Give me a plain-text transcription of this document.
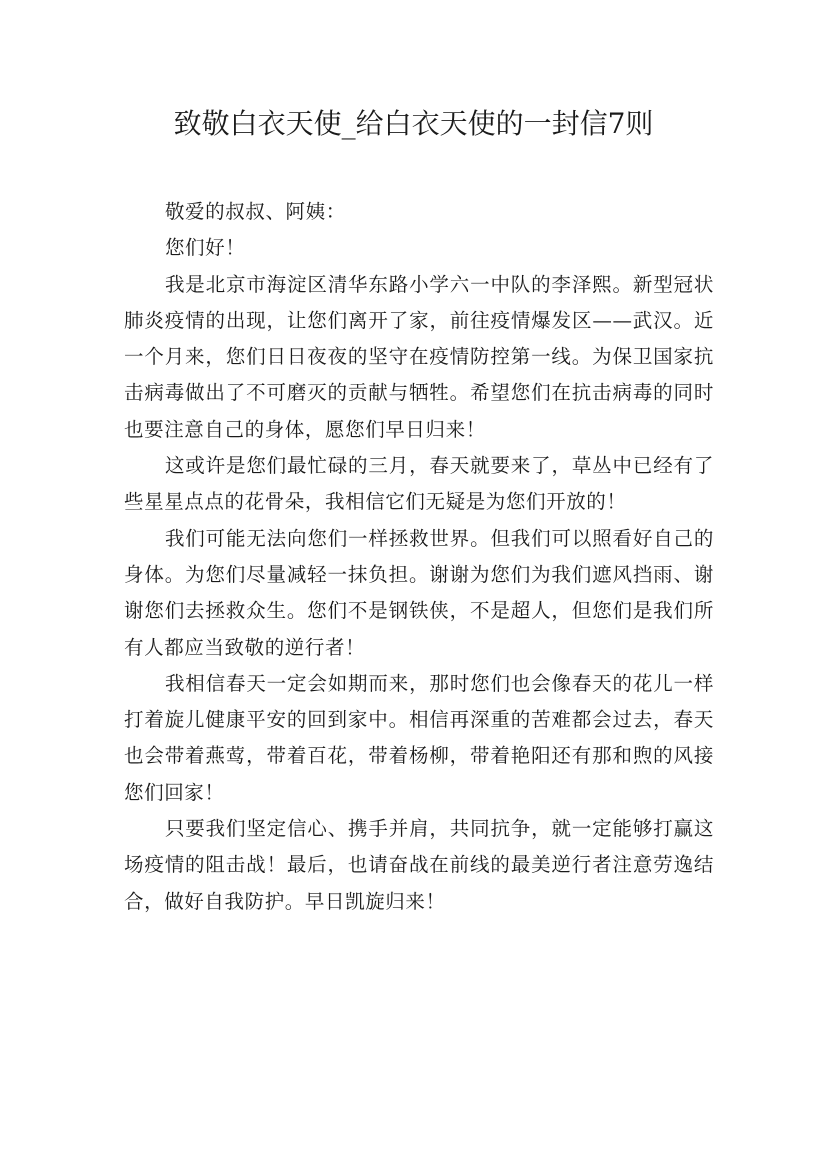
致敬白衣天使_给白衣天使的一封信7则

敬爱的叔叔、阿姨：

您们好！

我是北京市海淀区清华东路小学六一中队的李泽熙。新型冠状肺炎疫情的出现，让您们离开了家，前往疫情爆发区——武汉。近一个月来，您们日日夜夜的坚守在疫情防控第一线。为保卫国家抗击病毒做出了不可磨灭的贡献与牺牲。希望您们在抗击病毒的同时也要注意自己的身体，愿您们早日归来！

这或许是您们最忙碌的三月，春天就要来了，草丛中已经有了些星星点点的花骨朵，我相信它们无疑是为您们开放的！

我们可能无法向您们一样拯救世界。但我们可以照看好自己的身体。为您们尽量减轻一抹负担。谢谢为您们为我们遮风挡雨、谢谢您们去拯救众生。您们不是钢铁侠，不是超人，但您们是我们所有人都应当致敬的逆行者！

我相信春天一定会如期而来，那时您们也会像春天的花儿一样打着旋儿健康平安的回到家中。相信再深重的苦难都会过去，春天也会带着燕莺，带着百花，带着杨柳，带着艳阳还有那和煦的风接您们回家！

只要我们坚定信心、携手并肩，共同抗争，就一定能够打赢这场疫情的阻击战！最后，也请奋战在前线的最美逆行者注意劳逸结合，做好自我防护。早日凯旋归来！
